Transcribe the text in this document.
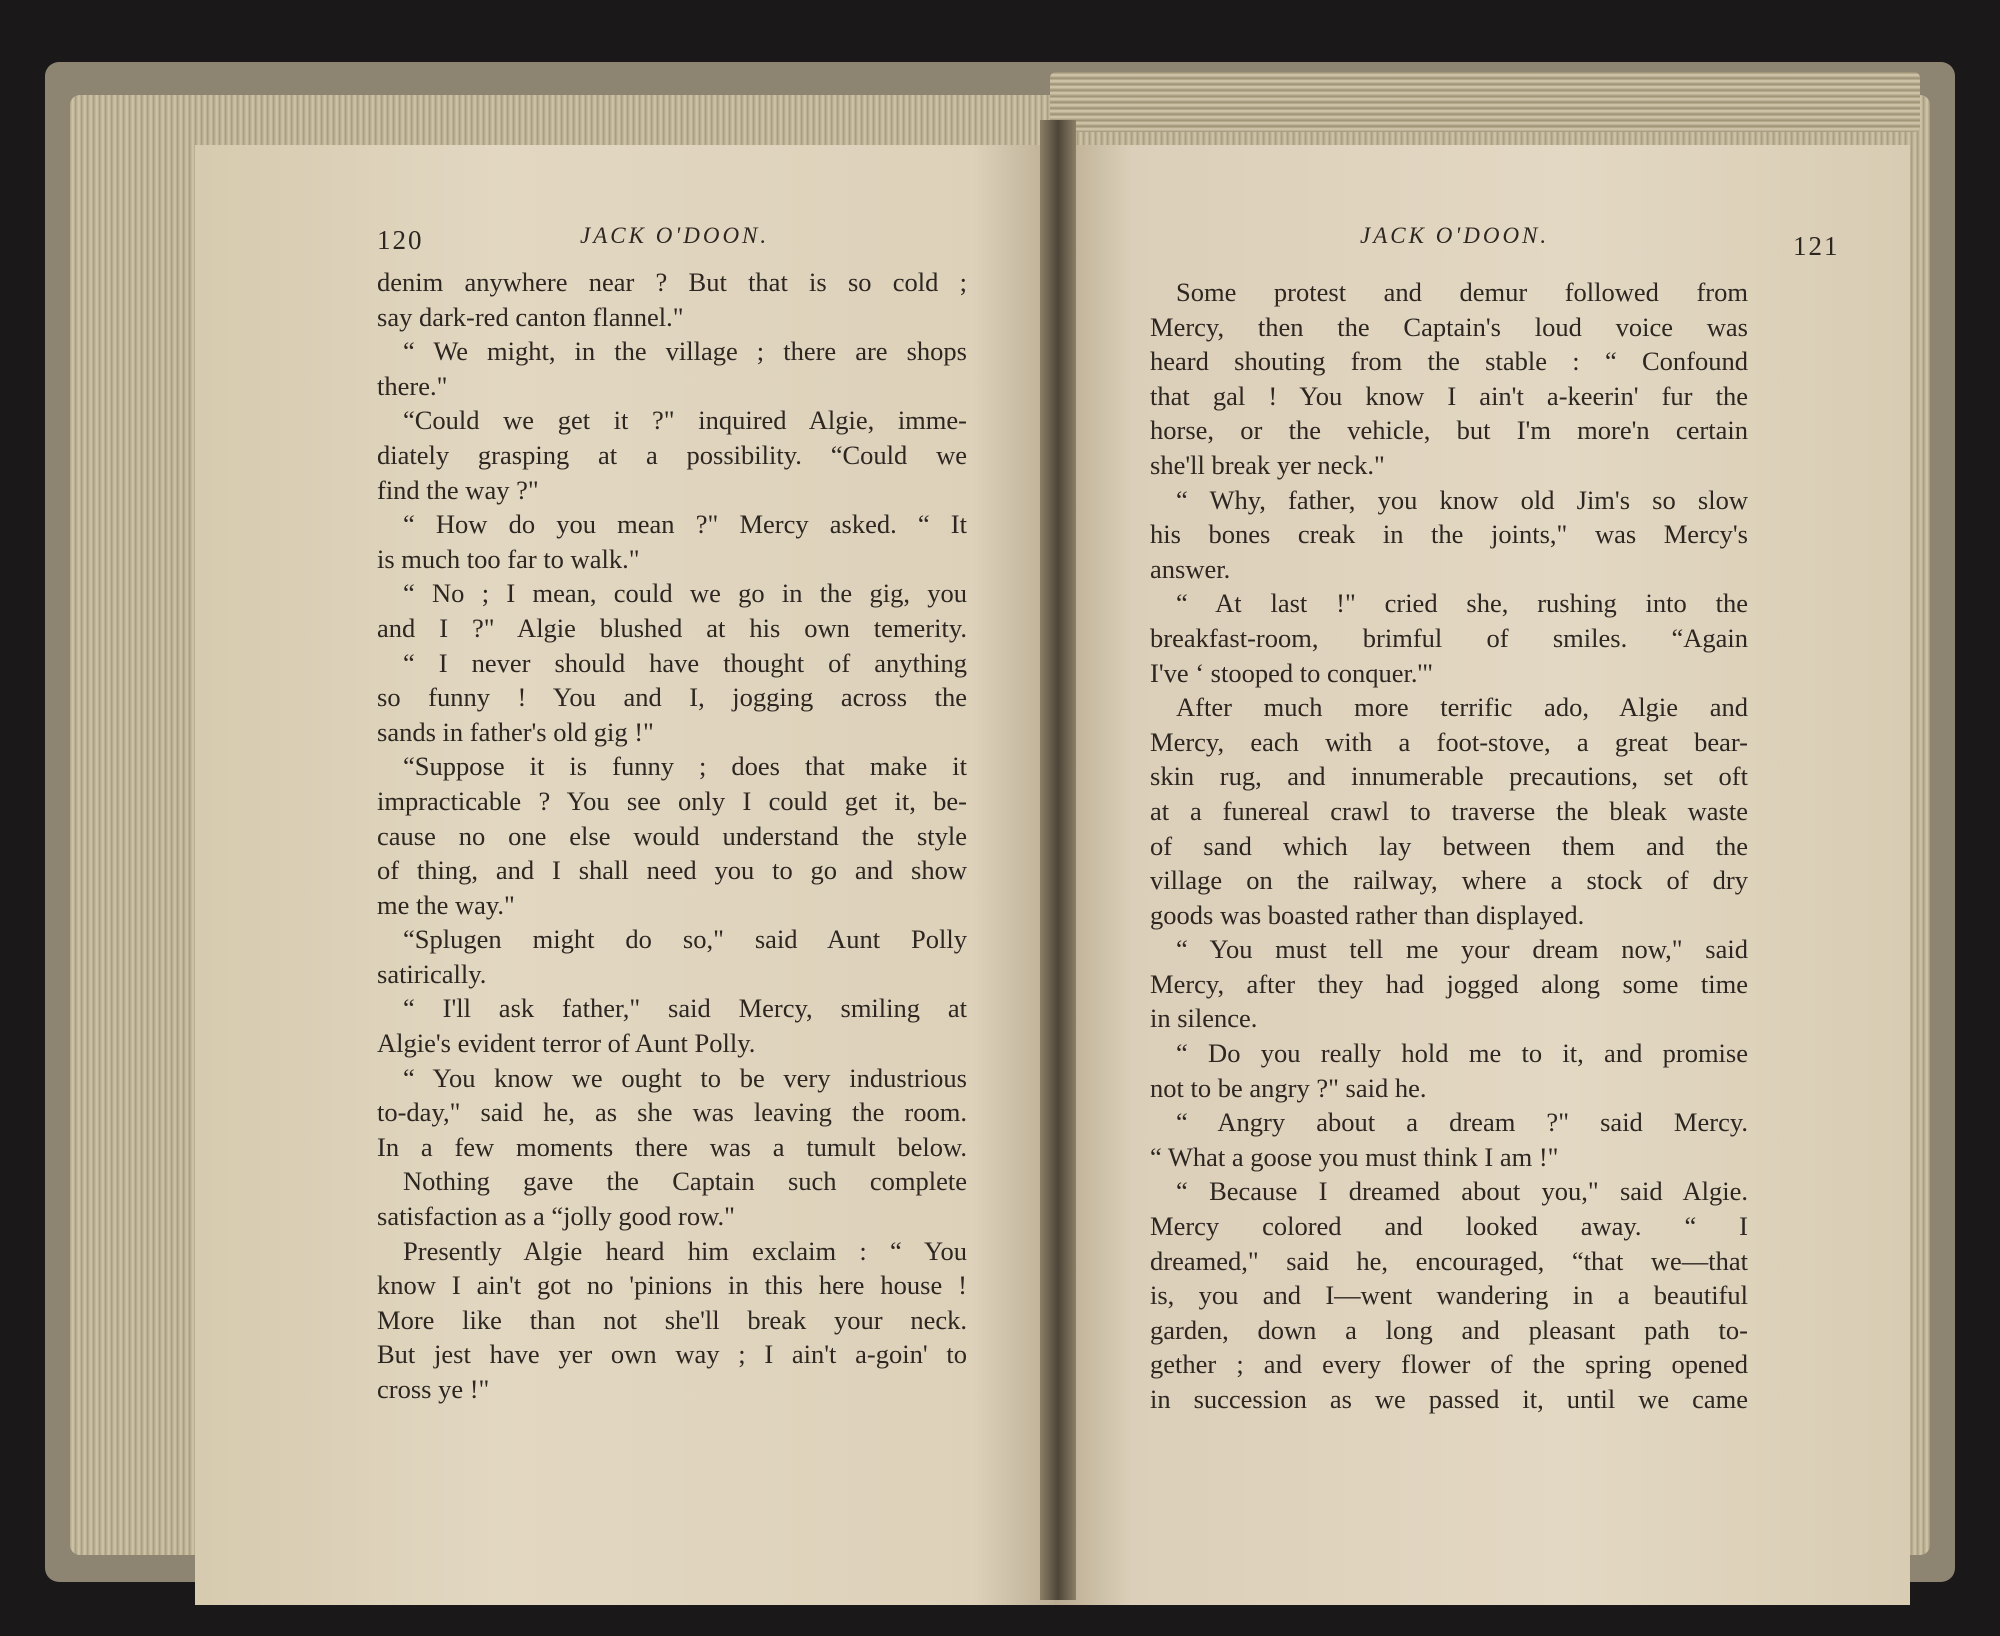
120	JACK O'DOON.
denim anywhere near ? But that is so cold ;
say dark-red canton flannel."
“ We might, in the village ; there are shops
there."
“Could we get it ?" inquired Algie, imme-
diately grasping at a possibility. “Could we
find the way ?"
“ How do you mean ?" Mercy asked. “ It
is much too far to walk."
“ No ; I mean, could we go in the gig, you
and I ?" Algie blushed at his own temerity.
“ I never should have thought of anything
so funny ! You and I, jogging across the
sands in father's old gig !"
“Suppose it is funny ; does that make it
impracticable ? You see only I could get it, be-
cause no one else would understand the style
of thing, and I shall need you to go and show
me the way."
“Splugen might do so," said Aunt Polly
satirically.
“ I'll ask father," said Mercy, smiling at
Algie's evident terror of Aunt Polly.
“ You know we ought to be very industrious
to-day," said he, as she was leaving the room.
In a few moments there was a tumult below.
Nothing gave the Captain such complete
satisfaction as a “jolly good row."
Presently Algie heard him exclaim : “ You
know I ain't got no 'pinions in this here house !
More like than not she'll break your neck.
But jest have yer own way ; I ain't a-goin' to
cross ye !"
JACK O'DOON.	121
Some protest and demur followed from
Mercy, then the Captain's loud voice was
heard shouting from the stable : “ Confound
that gal ! You know I ain't a-keerin' fur the
horse, or the vehicle, but I'm more'n certain
she'll break yer neck."
“ Why, father, you know old Jim's so slow
his bones creak in the joints," was Mercy's
answer.
“ At last !" cried she, rushing into the
breakfast-room, brimful of smiles. “Again
I've ‘ stooped to conquer.'"
After much more terrific ado, Algie and
Mercy, each with a foot-stove, a great bear-
skin rug, and innumerable precautions, set oft
at a funereal crawl to traverse the bleak waste
of sand which lay between them and the
village on the railway, where a stock of dry
goods was boasted rather than displayed.
“ You must tell me your dream now," said
Mercy, after they had jogged along some time
in silence.
“ Do you really hold me to it, and promise
not to be angry ?" said he.
“ Angry about a dream ?" said Mercy.
“ What a goose you must think I am !"
“ Because I dreamed about you," said Algie.
Mercy colored and looked away. “ I
dreamed," said he, encouraged, “that we—that
is, you and I—went wandering in a beautiful
garden, down a long and pleasant path to-
gether ; and every flower of the spring opened
in succession as we passed it, until we came
